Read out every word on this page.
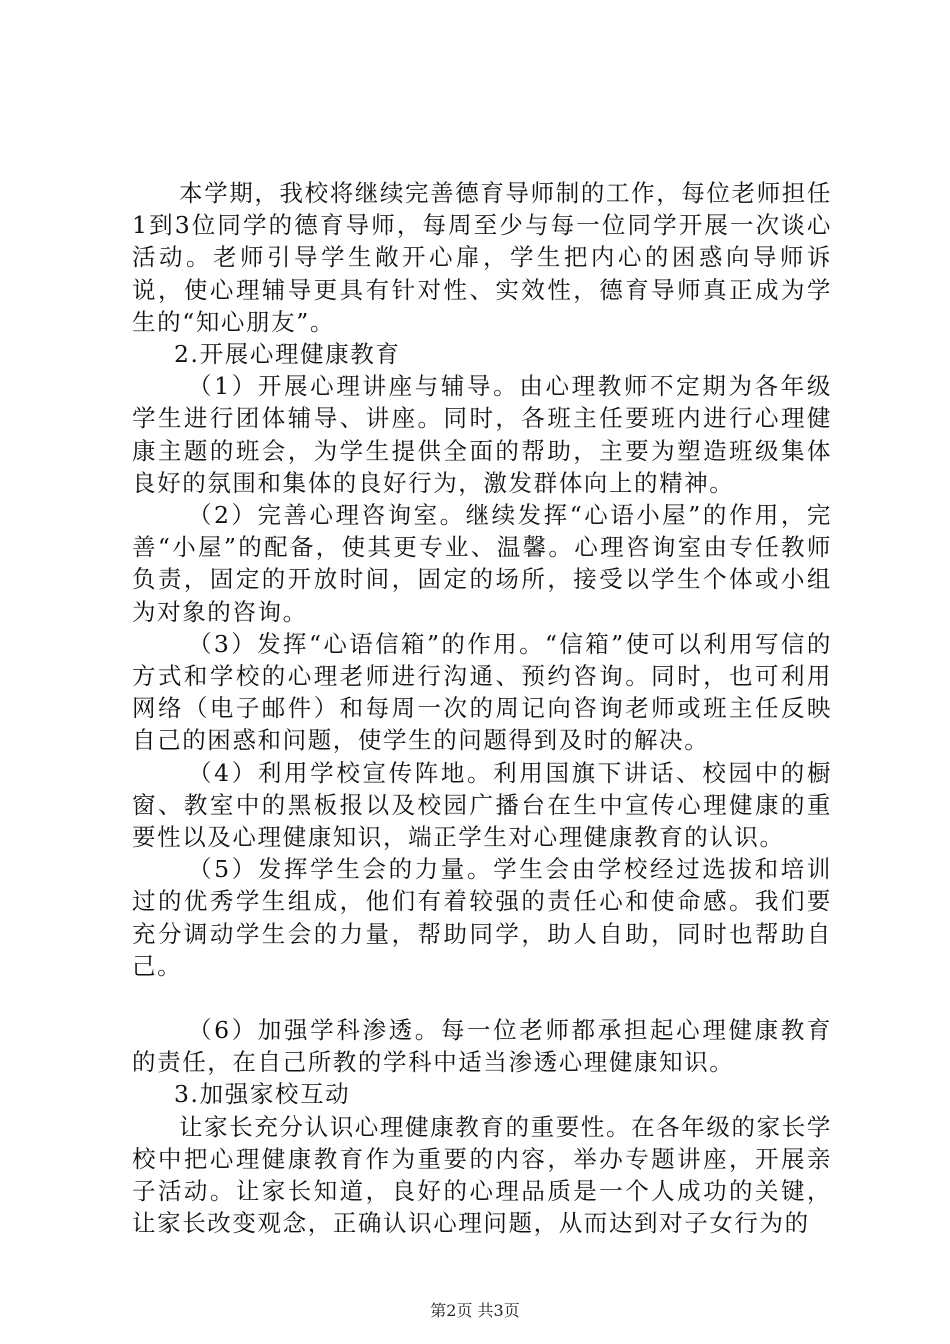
本学期，我校将继续完善德育导师制的工作，每位老师担任1到3位同学的德育导师，每周至少与每一位同学开展一次谈心活动。老师引导学生敞开心扉，学生把内心的困惑向导师诉说，使心理辅导更具有针对性、实效性，德育导师真正成为学生的“知心朋友”。

2.开展心理健康教育

（1）开展心理讲座与辅导。由心理教师不定期为各年级学生进行团体辅导、讲座。同时，各班主任要班内进行心理健康主题的班会，为学生提供全面的帮助，主要为塑造班级集体良好的氛围和集体的良好行为，激发群体向上的精神。

（2）完善心理咨询室。继续发挥“心语小屋”的作用，完善“小屋”的配备，使其更专业、温馨。心理咨询室由专任教师负责，固定的开放时间，固定的场所，接受以学生个体或小组为对象的咨询。

（3）发挥“心语信箱”的作用。“信箱”使可以利用写信的方式和学校的心理老师进行沟通、预约咨询。同时，也可利用网络（电子邮件）和每周一次的周记向咨询老师或班主任反映自己的困惑和问题，使学生的问题得到及时的解决。

（4）利用学校宣传阵地。利用国旗下讲话、校园中的橱窗、教室中的黑板报以及校园广播台在生中宣传心理健康的重要性以及心理健康知识，端正学生对心理健康教育的认识。

（5）发挥学生会的力量。学生会由学校经过选拔和培训过的优秀学生组成，他们有着较强的责任心和使命感。我们要充分调动学生会的力量，帮助同学，助人自助，同时也帮助自己。

（6）加强学科渗透。每一位老师都承担起心理健康教育的责任，在自己所教的学科中适当渗透心理健康知识。

3.加强家校互动

让家长充分认识心理健康教育的重要性。在各年级的家长学校中把心理健康教育作为重要的内容，举办专题讲座，开展亲子活动。让家长知道，良好的心理品质是一个人成功的关键，让家长改变观念，正确认识心理问题，从而达到对子女行为的

第2页 共3页
